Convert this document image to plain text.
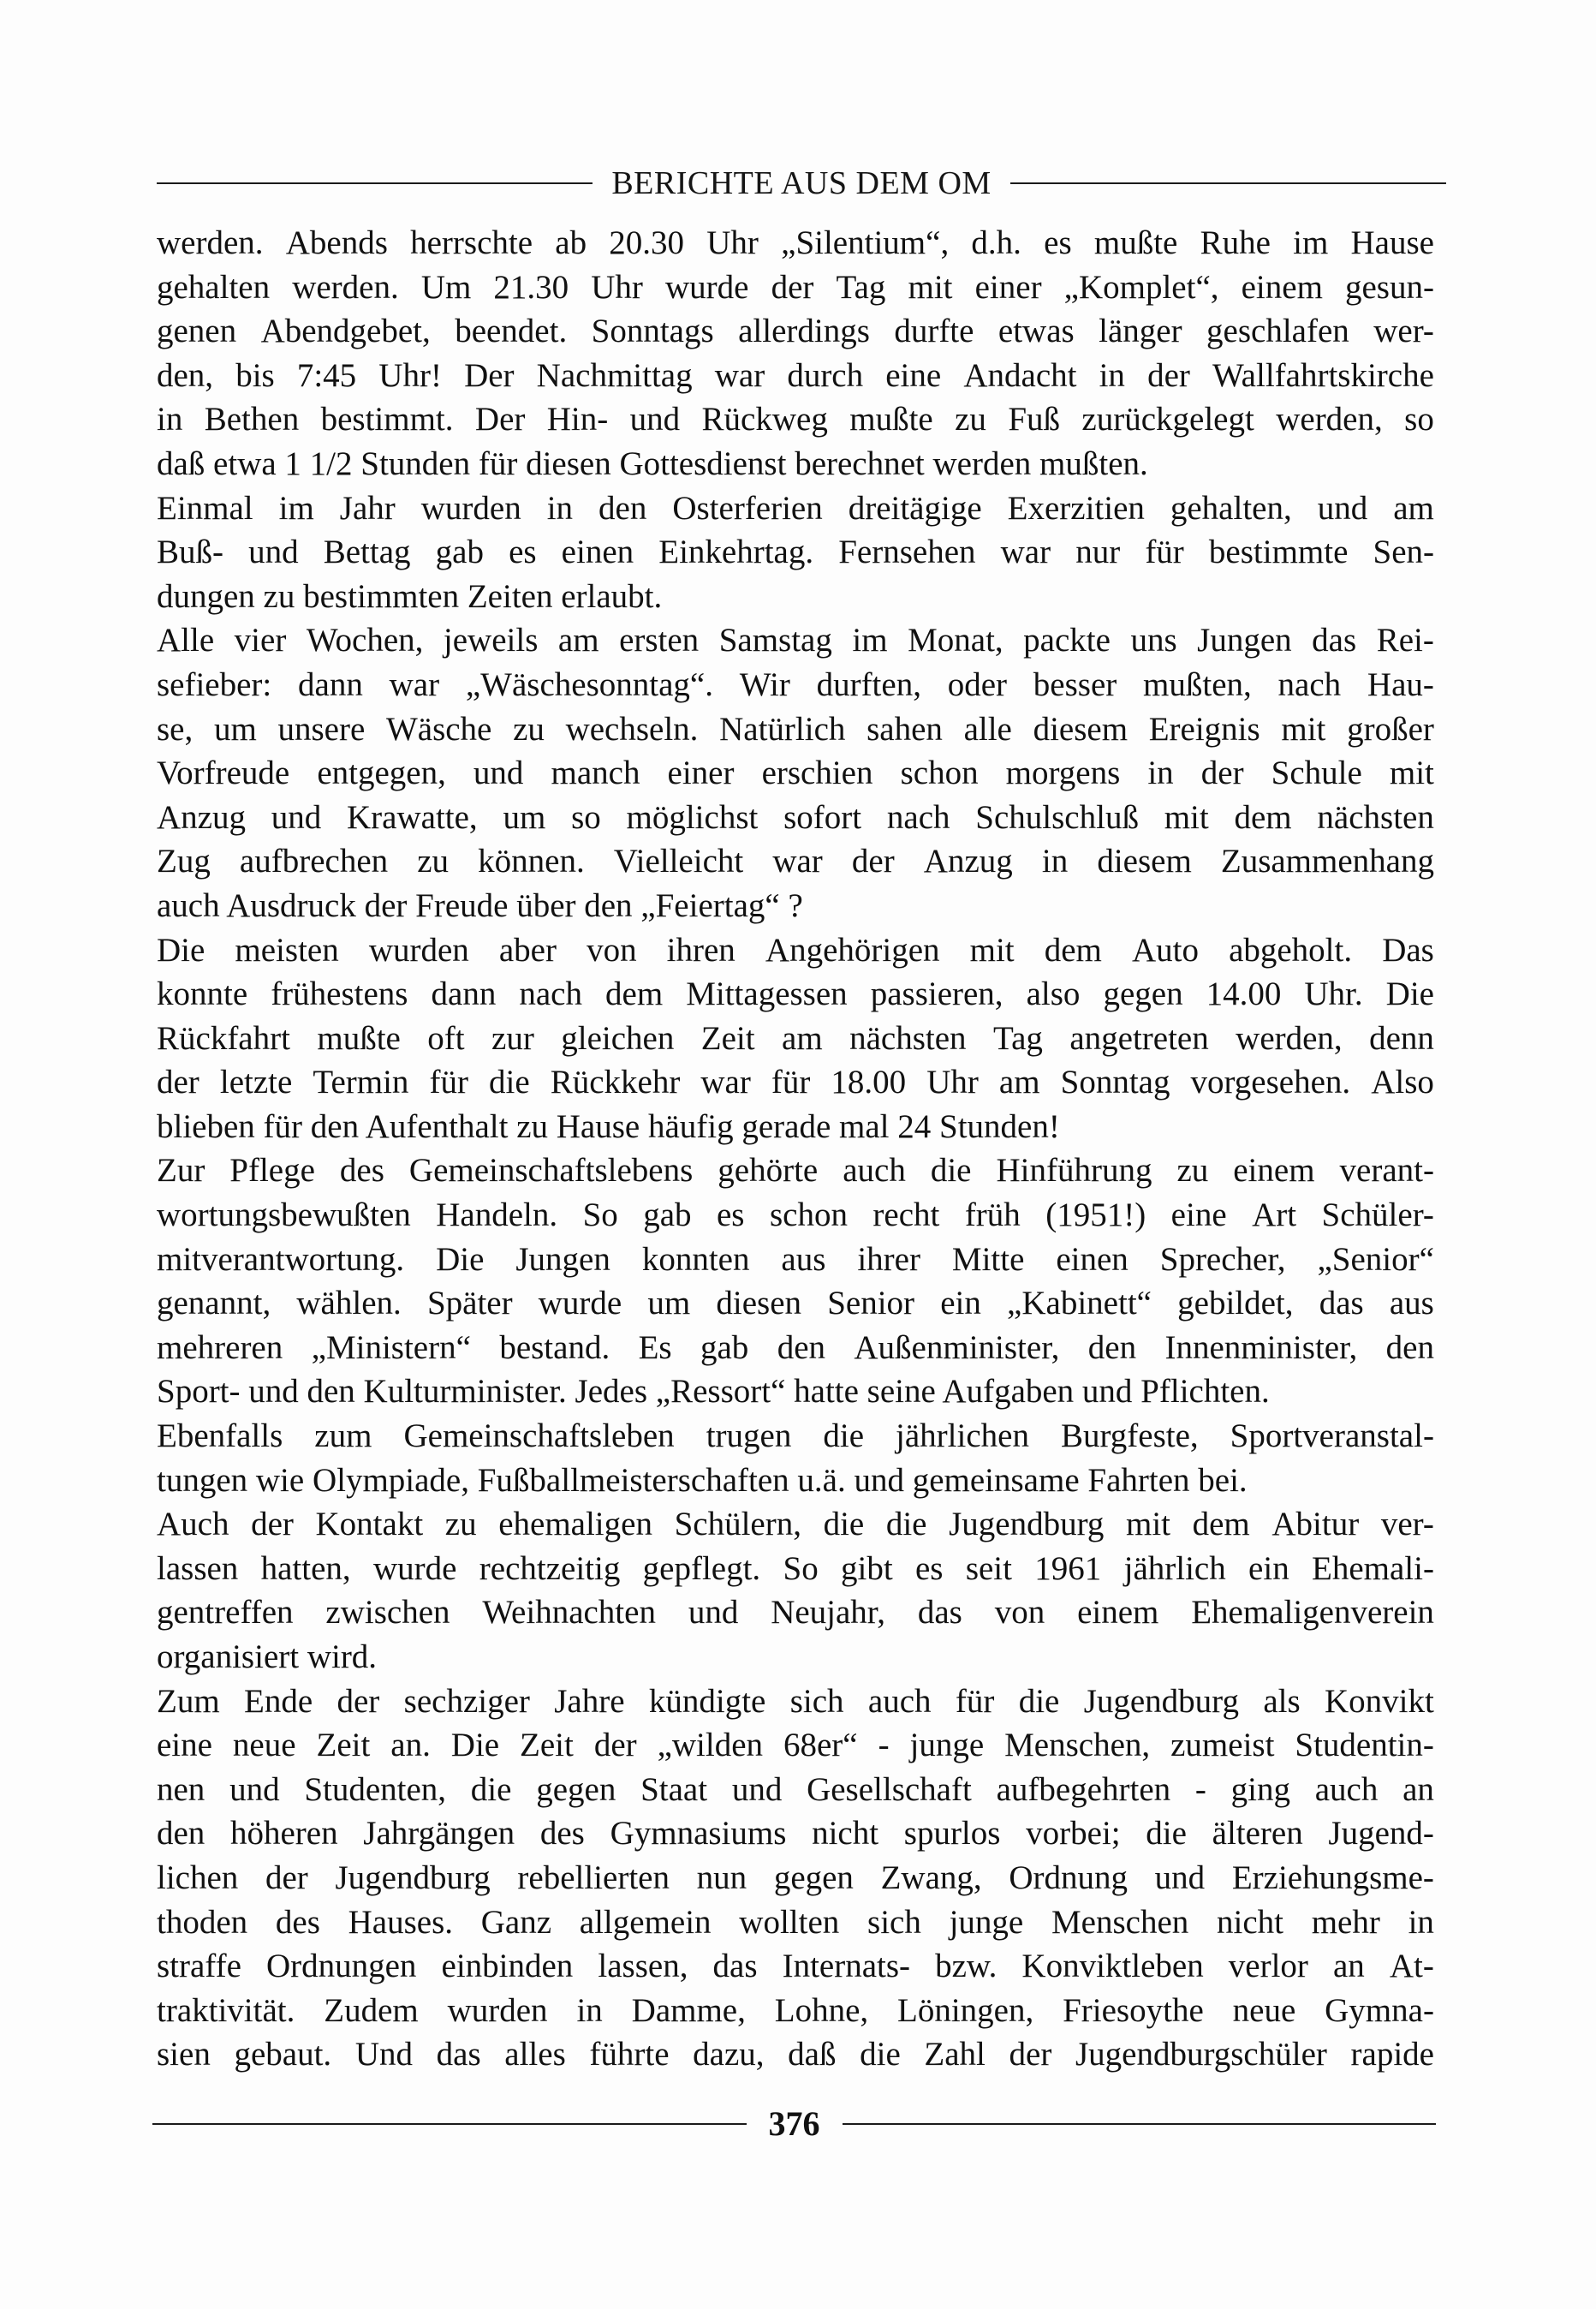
BERICHTE AUS DEM OM
werden. Abends herrschte ab 20.30 Uhr „Silentium“, d.h. es mußte Ruhe im Hause
gehalten werden. Um 21.30 Uhr wurde der Tag mit einer „Komplet“, einem gesun-
genen Abendgebet, beendet. Sonntags allerdings durfte etwas länger geschlafen wer-
den, bis 7:45 Uhr! Der Nachmittag war durch eine Andacht in der Wallfahrtskirche
in Bethen bestimmt. Der Hin- und Rückweg mußte zu Fuß zurückgelegt werden, so
daß etwa 1 1/2 Stunden für diesen Gottesdienst berechnet werden mußten.
Einmal im Jahr wurden in den Osterferien dreitägige Exerzitien gehalten, und am
Buß- und Bettag gab es einen Einkehrtag. Fernsehen war nur für bestimmte Sen-
dungen zu bestimmten Zeiten erlaubt.
Alle vier Wochen, jeweils am ersten Samstag im Monat, packte uns Jungen das Rei-
sefieber: dann war „Wäschesonntag“. Wir durften, oder besser mußten, nach Hau-
se, um unsere Wäsche zu wechseln. Natürlich sahen alle diesem Ereignis mit großer
Vorfreude entgegen, und manch einer erschien schon morgens in der Schule mit
Anzug und Krawatte, um so möglichst sofort nach Schulschluß mit dem nächsten
Zug aufbrechen zu können. Vielleicht war der Anzug in diesem Zusammenhang
auch Ausdruck der Freude über den „Feiertag“ ?
Die meisten wurden aber von ihren Angehörigen mit dem Auto abgeholt. Das
konnte frühestens dann nach dem Mittagessen passieren, also gegen 14.00 Uhr. Die
Rückfahrt mußte oft zur gleichen Zeit am nächsten Tag angetreten werden, denn
der letzte Termin für die Rückkehr war für 18.00 Uhr am Sonntag vorgesehen. Also
blieben für den Aufenthalt zu Hause häufig gerade mal 24 Stunden!
Zur Pflege des Gemeinschaftslebens gehörte auch die Hinführung zu einem verant-
wortungsbewußten Handeln. So gab es schon recht früh (1951!) eine Art Schüler-
mitverantwortung. Die Jungen konnten aus ihrer Mitte einen Sprecher, „Senior“
genannt, wählen. Später wurde um diesen Senior ein „Kabinett“ gebildet, das aus
mehreren „Ministern“ bestand. Es gab den Außenminister, den Innenminister, den
Sport- und den Kulturminister. Jedes „Ressort“ hatte seine Aufgaben und Pflichten.
Ebenfalls zum Gemeinschaftsleben trugen die jährlichen Burgfeste, Sportveranstal-
tungen wie Olympiade, Fußballmeisterschaften u.ä. und gemeinsame Fahrten bei.
Auch der Kontakt zu ehemaligen Schülern, die die Jugendburg mit dem Abitur ver-
lassen hatten, wurde rechtzeitig gepflegt. So gibt es seit 1961 jährlich ein Ehemali-
gentreffen zwischen Weihnachten und Neujahr, das von einem Ehemaligenverein
organisiert wird.
Zum Ende der sechziger Jahre kündigte sich auch für die Jugendburg als Konvikt
eine neue Zeit an. Die Zeit der „wilden 68er“ - junge Menschen, zumeist Studentin-
nen und Studenten, die gegen Staat und Gesellschaft aufbegehrten - ging auch an
den höheren Jahrgängen des Gymnasiums nicht spurlos vorbei; die älteren Jugend-
lichen der Jugendburg rebellierten nun gegen Zwang, Ordnung und Erziehungsme-
thoden des Hauses. Ganz allgemein wollten sich junge Menschen nicht mehr in
straffe Ordnungen einbinden lassen, das Internats- bzw. Konviktleben verlor an At-
traktivität. Zudem wurden in Damme, Lohne, Löningen, Friesoythe neue Gymna-
sien gebaut. Und das alles führte dazu, daß die Zahl der Jugendburgschüler rapide
376
